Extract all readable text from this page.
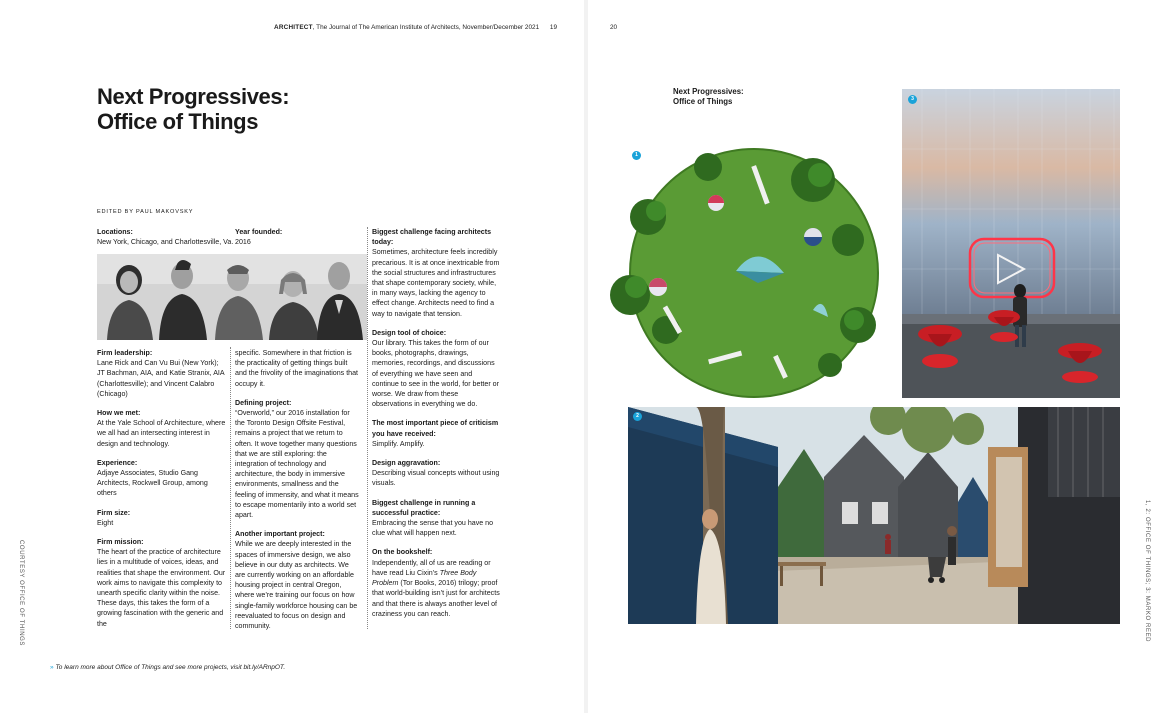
ARCHITECT, The Journal of The American Institute of Architects, November/December 2021 19
Next Progressives:
Office of Things
EDITED BY PAUL MAKOVSKY
Locations:

New York, Chicago, and Charlottesville, Va.

Year founded:

2016

Firm leadership:

Lane Rick and Can Vu Bui (New York); JT Bachman, AIA, and Katie Stranix, AIA (Charlottesville); and Vincent Calabro (Chicago)

How we met:

At the Yale School of Architecture, where we all had an intersecting interest in design and technology.

Experience:

Adjaye Associates, Studio Gang Architects, Rockwell Group, among others

Firm size:

Eight

Firm mission:

The heart of the practice of architecture lies in a multitude of voices, ideas, and realities that shape the environment. Our work aims to navigate this complexity to unearth specific clarity within the noise. These days, this takes the form of a growing fascination with the generic and the

specific. Somewhere in that friction is the practicality of getting things built and the frivolity of the imaginations that occupy it.

Defining project:

“Overworld,” our 2016 installation for the Toronto Design Offsite Festival, remains a project that we return to often. It wove together many questions that we are still exploring: the integration of technology and architecture, the body in immersive environments, smallness and the feeling of immensity, and what it means to escape momentarily into a world set apart.

Another important project:

While we are deeply interested in the spaces of immersive design, we also believe in our duty as architects. We are currently working on an affordable housing project in central Oregon, where we’re training our focus on how single-family workforce housing can be reevaluated to focus on design and community.

Biggest challenge facing architects today:

Sometimes, architecture feels incredibly precarious. It is at once inextricable from the social structures and infrastructures that shape contemporary society, while, in many ways, lacking the agency to effect change. Architects need to find a way to navigate that tension.

Design tool of choice:

Our library. This takes the form of our books, photographs, drawings, memories, recordings, and discussions of everything we have seen and continue to see in the world, for better or worse. We draw from these observations in everything we do.

The most important piece of criticism you have received:

Simplify. Amplify.

Design aggravation:

Describing visual concepts without using visuals.

Biggest challenge in running a successful practice:

Embracing the sense that you have no clue what will happen next.

On the bookshelf:

Independently, all of us are reading or have read Liu Cixin’s Three Body Problem (Tor Books, 2016) trilogy; proof that world-building isn’t just for architects and that there is always another level of craziness you can reach.

COURTESY OFFICE OF THINGS
» To learn more about Office of Things and see more projects, visit bit.ly/ARnpOT.
20
Next Progressives:
Office of Things
1
3
2
1, 2: OFFICE OF THINGS; 3: MARKO REED
